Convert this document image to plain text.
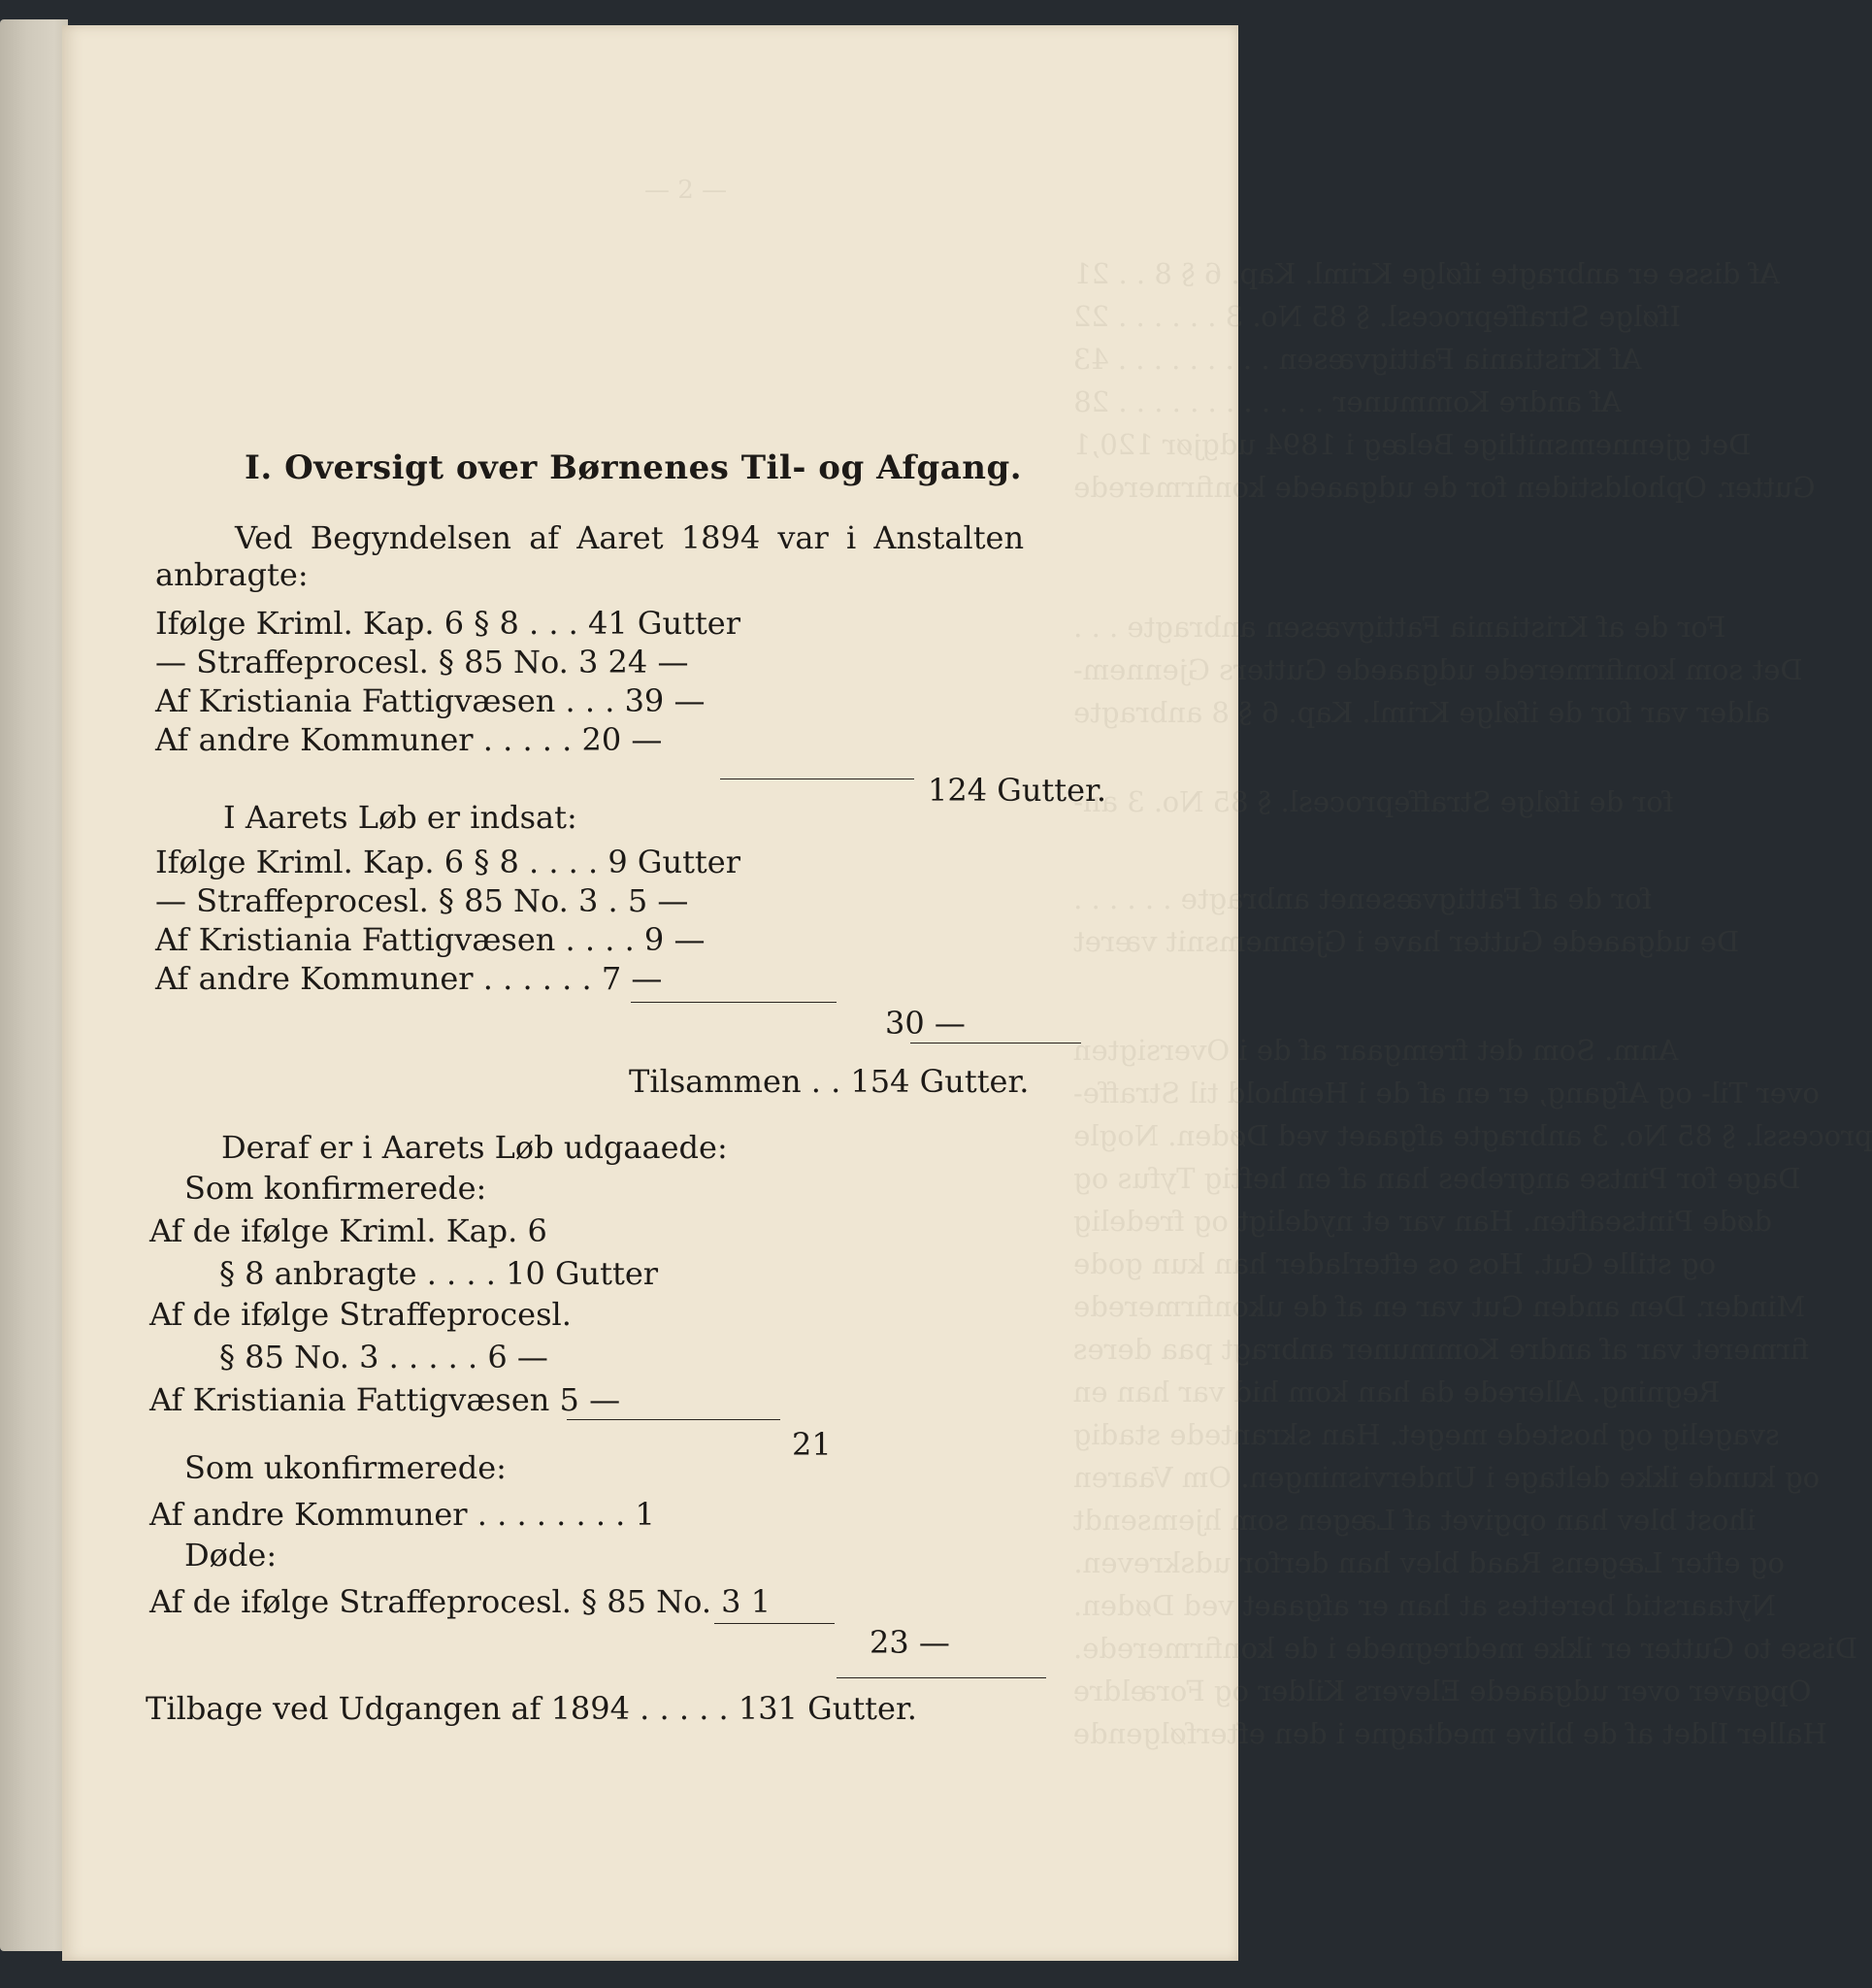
— 2 —
Af disse er anbragte ifølge Kriml. Kap. 6 § 8 . . 21
Ifølge Straffeprocesl. § 85 No. 3 . . . . . . 22
Af Kristiania Fattigvæsen . . . . . . . . . 43
Af andre Kommuner . . . . . . . . . . . . 28
Det gjennemsnitlige Belæg i 1894 udgjør 120,1
Gutter. Opholdstiden for de udgaaede konfirmerede
For de af Kristiania Fattigvæsen anbragte . . .
Det som konfirmerede udgaaede Gutters Gjennem-
alder var for de ifølge Kriml. Kap. 6 § 8 anbragte
for de ifølge Straffeprocesl. § 85 No. 3 an-
for de af Fattigvæsenet anbragte . . . . . .
De udgaaede Gutter have i Gjennemsnit været
Anm. Som det fremgaar af de i Oversigten
over Til- og Afgang, er en af de i Henhold til Straffe-
processl. § 85 No. 3 anbragte afgaaet ved Døden. Nogle
Dage for Pintse angrebes han af en heftig Tyfus og
døde Pintseaften. Han var et nydeligt og fredelig
og stille Gut. Hos os efterlader han kun gode
Minder. Den anden Gut var en af de ukonfirmerede
firmeret var af andre Kommuner anbragt paa deres
Regning. Allerede da han kom hid var han en
svagelig og hostede meget. Han skrantede stadig
og kunde ikke deltage i Undervisningen. Om Vaaren
ihost blev han opgivet af Lægen som hjemsendt
og efter Lægens Raad blev han derfor udskreven.
Nytaarstid berettes at han er afgaaet ved Døden.
Disse to Gutter er ikke medregnede i de konfirmerede.
Opgaver over udgaaede Elevers Kilder og Forældre
Haller Ildet af de blive medtagne i den efterfølgende
I. Oversigt over Børnenes Til- og Afgang.
Ved Begyndelsen af Aaret 1894 var i Anstalten
anbragte:
Ifølge Kriml. Kap. 6 § 8 . . . 41 Gutter
— Straffeprocesl. § 85 No. 3 24 —
Af Kristiania Fattigvæsen . . . 39 —
Af andre Kommuner . . . . . 20 —
124 Gutter.
I Aarets Løb er indsat:
Ifølge Kriml. Kap. 6 § 8 . . . . 9 Gutter
— Straffeprocesl. § 85 No. 3 . 5 —
Af Kristiania Fattigvæsen . . . . 9 —
Af andre Kommuner . . . . . . 7 —
30 —
Tilsammen . . 154 Gutter.
Deraf er i Aarets Løb udgaaede:
Som konfirmerede:
Af de ifølge Kriml. Kap. 6
§ 8 anbragte . . . . 10 Gutter
Af de ifølge Straffeprocesl.
§ 85 No. 3 . . . . . 6 —
Af Kristiania Fattigvæsen 5 —
21
Som ukonfirmerede:
Af andre Kommuner . . . . . . . . 1
Døde:
Af de ifølge Straffeprocesl. § 85 No. 3 1
23 —
Tilbage ved Udgangen af 1894 . . . . . 131 Gutter.
